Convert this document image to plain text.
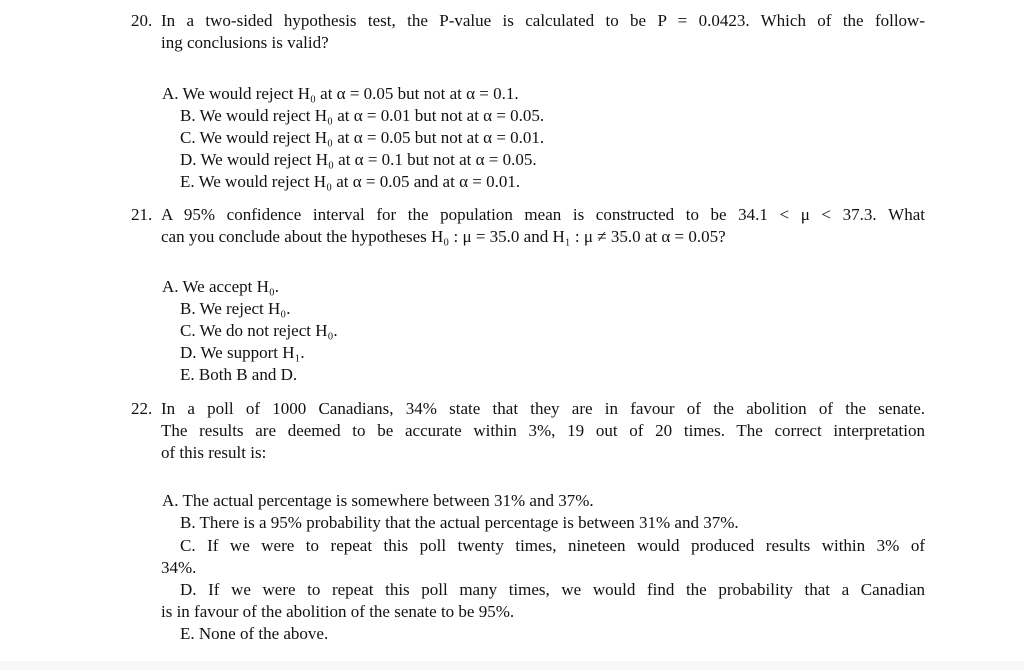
20. In a two-sided hypothesis test, the P-value is calculated to be P = 0.0423. Which of the follow-
ing conclusions is valid?
A. We would reject H₀ at α = 0.05 but not at α = 0.1.
B. We would reject H₀ at α = 0.01 but not at α = 0.05.
C. We would reject H₀ at α = 0.05 but not at α = 0.01.
D. We would reject H₀ at α = 0.1 but not at α = 0.05.
E. We would reject H₀ at α = 0.05 and at α = 0.01.
21. A 95% confidence interval for the population mean is constructed to be 34.1 < μ < 37.3. What
can you conclude about the hypotheses H₀ : μ = 35.0 and H₁ : μ ≠ 35.0 at α = 0.05?
A. We accept H₀.
B. We reject H₀.
C. We do not reject H₀.
D. We support H₁.
E. Both B and D.
22. In a poll of 1000 Canadians, 34% state that they are in favour of the abolition of the senate.
The results are deemed to be accurate within 3%, 19 out of 20 times. The correct interpretation
of this result is:
A. The actual percentage is somewhere between 31% and 37%.
B. There is a 95% probability that the actual percentage is between 31% and 37%.
C. If we were to repeat this poll twenty times, nineteen would produced results within 3% of
34%.
D. If we were to repeat this poll many times, we would find the probability that a Canadian
is in favour of the abolition of the senate to be 95%.
E. None of the above.
